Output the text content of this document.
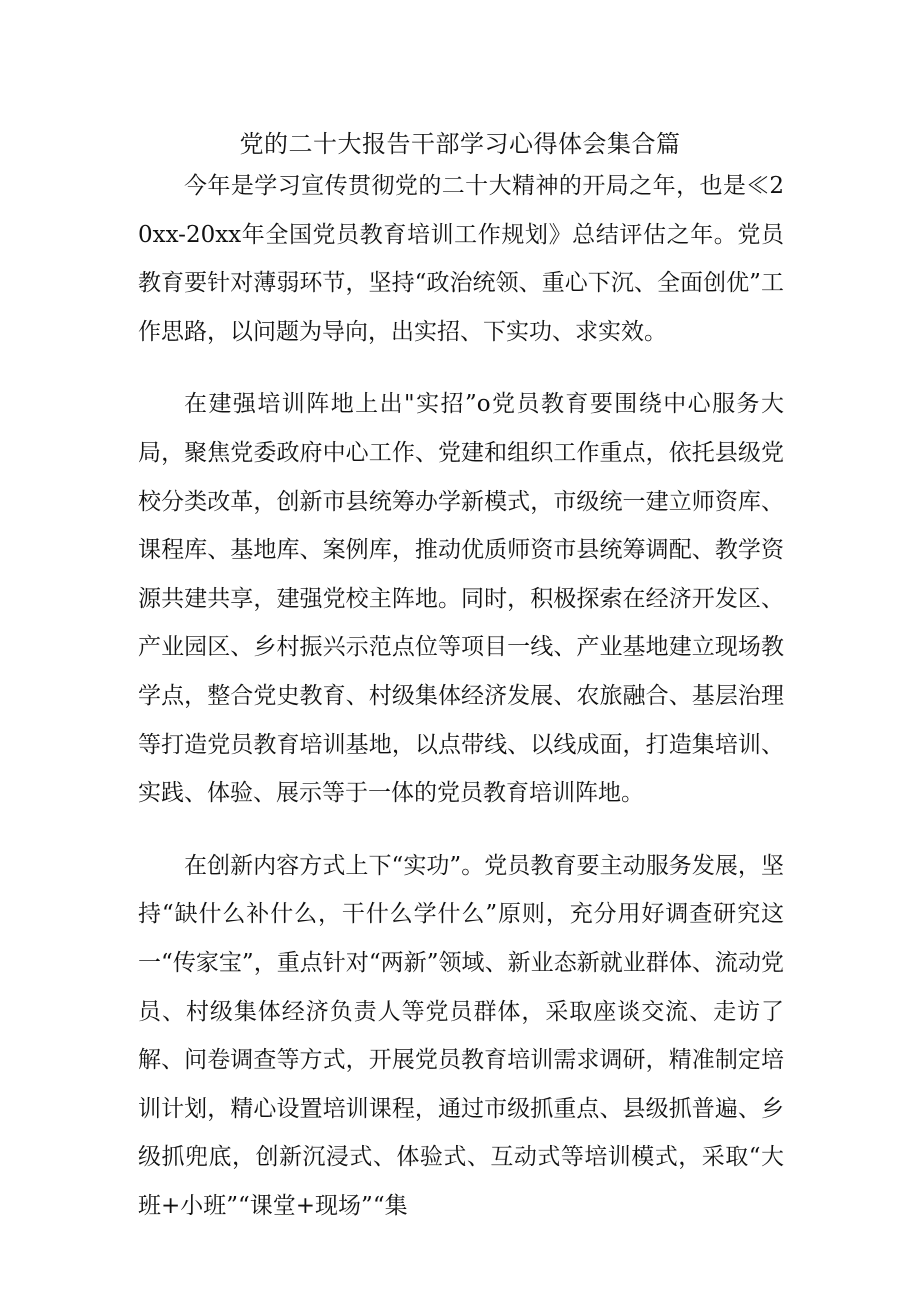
党的二十大报告干部学习心得体会集合篇

今年是学习宣传贯彻党的二十大精神的开局之年，也是≪20xx-20xx年全国党员教育培训工作规划》总结评估之年。党员教育要针对薄弱环节，坚持“政治统领、重心下沉、全面创优”工作思路，以问题为导向，出实招、下实功、求实效。

在建强培训阵地上出"实招”o党员教育要围绕中心服务大局，聚焦党委政府中心工作、党建和组织工作重点，依托县级党校分类改革，创新市县统筹办学新模式，市级统一建立师资库、课程库、基地库、案例库，推动优质师资市县统筹调配、教学资源共建共享，建强党校主阵地。同时，积极探索在经济开发区、产业园区、乡村振兴示范点位等项目一线、产业基地建立现场教学点，整合党史教育、村级集体经济发展、农旅融合、基层治理等打造党员教育培训基地，以点带线、以线成面，打造集培训、实践、体验、展示等于一体的党员教育培训阵地。

在创新内容方式上下“实功”。党员教育要主动服务发展，坚持“缺什么补什么，干什么学什么”原则，充分用好调查研究这一“传家宝”，重点针对“两新”领域、新业态新就业群体、流动党员、村级集体经济负责人等党员群体，采取座谈交流、走访了解、问卷调查等方式，开展党员教育培训需求调研，精准制定培训计划，精心设置培训课程，通过市级抓重点、县级抓普遍、乡级抓兜底，创新沉浸式、体验式、互动式等培训模式，采取“大班+小班”“课堂+现场”“集
